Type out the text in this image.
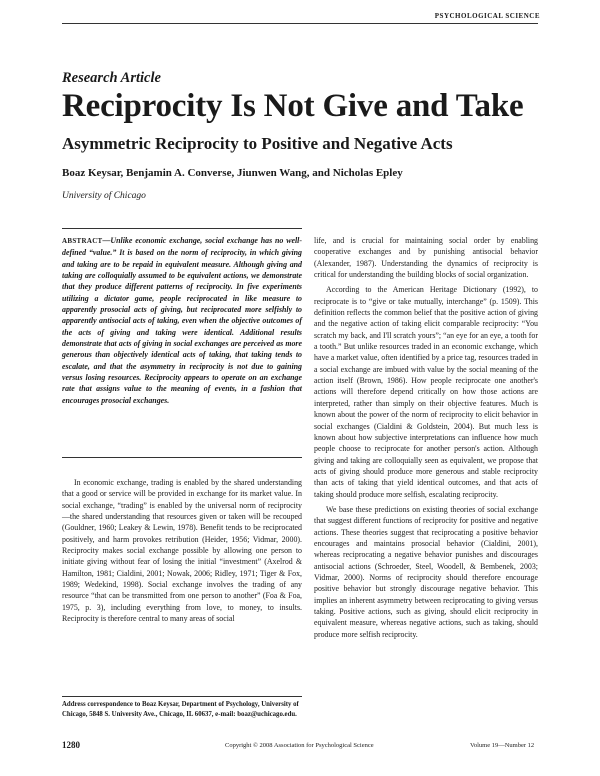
PSYCHOLOGICAL SCIENCE
Research Article
Reciprocity Is Not Give and Take
Asymmetric Reciprocity to Positive and Negative Acts
Boaz Keysar, Benjamin A. Converse, Jiunwen Wang, and Nicholas Epley
University of Chicago
ABSTRACT—Unlike economic exchange, social exchange has no well-defined “value.” It is based on the norm of reciprocity, in which giving and taking are to be repaid in equivalent measure. Although giving and taking are colloquially assumed to be equivalent actions, we demonstrate that they produce different patterns of reciprocity. In five experiments utilizing a dictator game, people reciprocated in like measure to apparently prosocial acts of giving, but reciprocated more selfishly to apparently antisocial acts of taking, even when the objective outcomes of the acts of giving and taking were identical. Additional results demonstrate that acts of giving in social exchanges are perceived as more generous than objectively identical acts of taking, that taking tends to escalate, and that the asymmetry in reciprocity is not due to gaining versus losing resources. Reciprocity appears to operate on an exchange rate that assigns value to the meaning of events, in a fashion that encourages prosocial exchanges.

In economic exchange, trading is enabled by the shared understanding that a good or service will be provided in exchange for its market value. In social exchange, “trading” is enabled by the universal norm of reciprocity—the shared understanding that resources given or taken will be recouped (Gouldner, 1960; Leakey & Lewin, 1978). Benefit tends to be reciprocated positively, and harm provokes retribution (Heider, 1956; Vidmar, 2000). Reciprocity makes social exchange possible by allowing one person to initiate giving without fear of losing the initial “investment” (Axelrod & Hamilton, 1981; Cialdini, 2001; Nowak, 2006; Ridley, 1971; Tiger & Fox, 1989; Wedekind, 1998). Social exchange involves the trading of any resource “that can be transmitted from one person to another” (Foa & Foa, 1975, p. 3), including everything from love, to money, to insults. Reciprocity is therefore central to many areas of social

life, and is crucial for maintaining social order by enabling cooperative exchanges and by punishing antisocial behavior (Alexander, 1987). Understanding the dynamics of reciprocity is critical for understanding the building blocks of social organization.

According to the American Heritage Dictionary (1992), to reciprocate is to “give or take mutually, interchange” (p. 1509). This definition reflects the common belief that the positive action of giving and the negative action of taking elicit comparable reciprocity: “You scratch my back, and I'll scratch yours”; “an eye for an eye, a tooth for a tooth.” But unlike resources traded in an economic exchange, which have a market value, often identified by a price tag, resources traded in a social exchange are imbued with value by the social meaning of the action itself (Brown, 1986). How people reciprocate one another's actions will therefore depend critically on how those actions are interpreted, rather than simply on their objective features. Much is known about the power of the norm of reciprocity to elicit behavior in social exchanges (Cialdini & Goldstein, 2004). But much less is known about how subjective interpretations can influence how much people choose to reciprocate for another person's action. Although giving and taking are colloquially seen as equivalent, we propose that acts of giving should produce more generous and stable reciprocity than acts of taking that yield identical outcomes, and that acts of taking should produce more selfish, escalating reciprocity.

We base these predictions on existing theories of social exchange that suggest different functions of reciprocity for positive and negative actions. These theories suggest that reciprocating a positive behavior encourages and maintains prosocial behavior (Cialdini, 2001), whereas reciprocating a negative behavior punishes and discourages antisocial actions (Schroeder, Steel, Woodell, & Bembenek, 2003; Vidmar, 2000). Norms of reciprocity should therefore encourage positive behavior but strongly discourage negative behavior. This implies an inherent asymmetry between reciprocating to giving versus taking. Positive actions, such as giving, should elicit reciprocity in equivalent measure, whereas negative actions, such as taking, should produce more selfish reciprocity.

Address correspondence to Boaz Keysar, Department of Psychology, University of Chicago, 5848 S. University Ave., Chicago, IL 60637, e-mail: boaz@uchicago.edu.
1280	Copyright © 2008 Association for Psychological Science	Volume 19—Number 12
